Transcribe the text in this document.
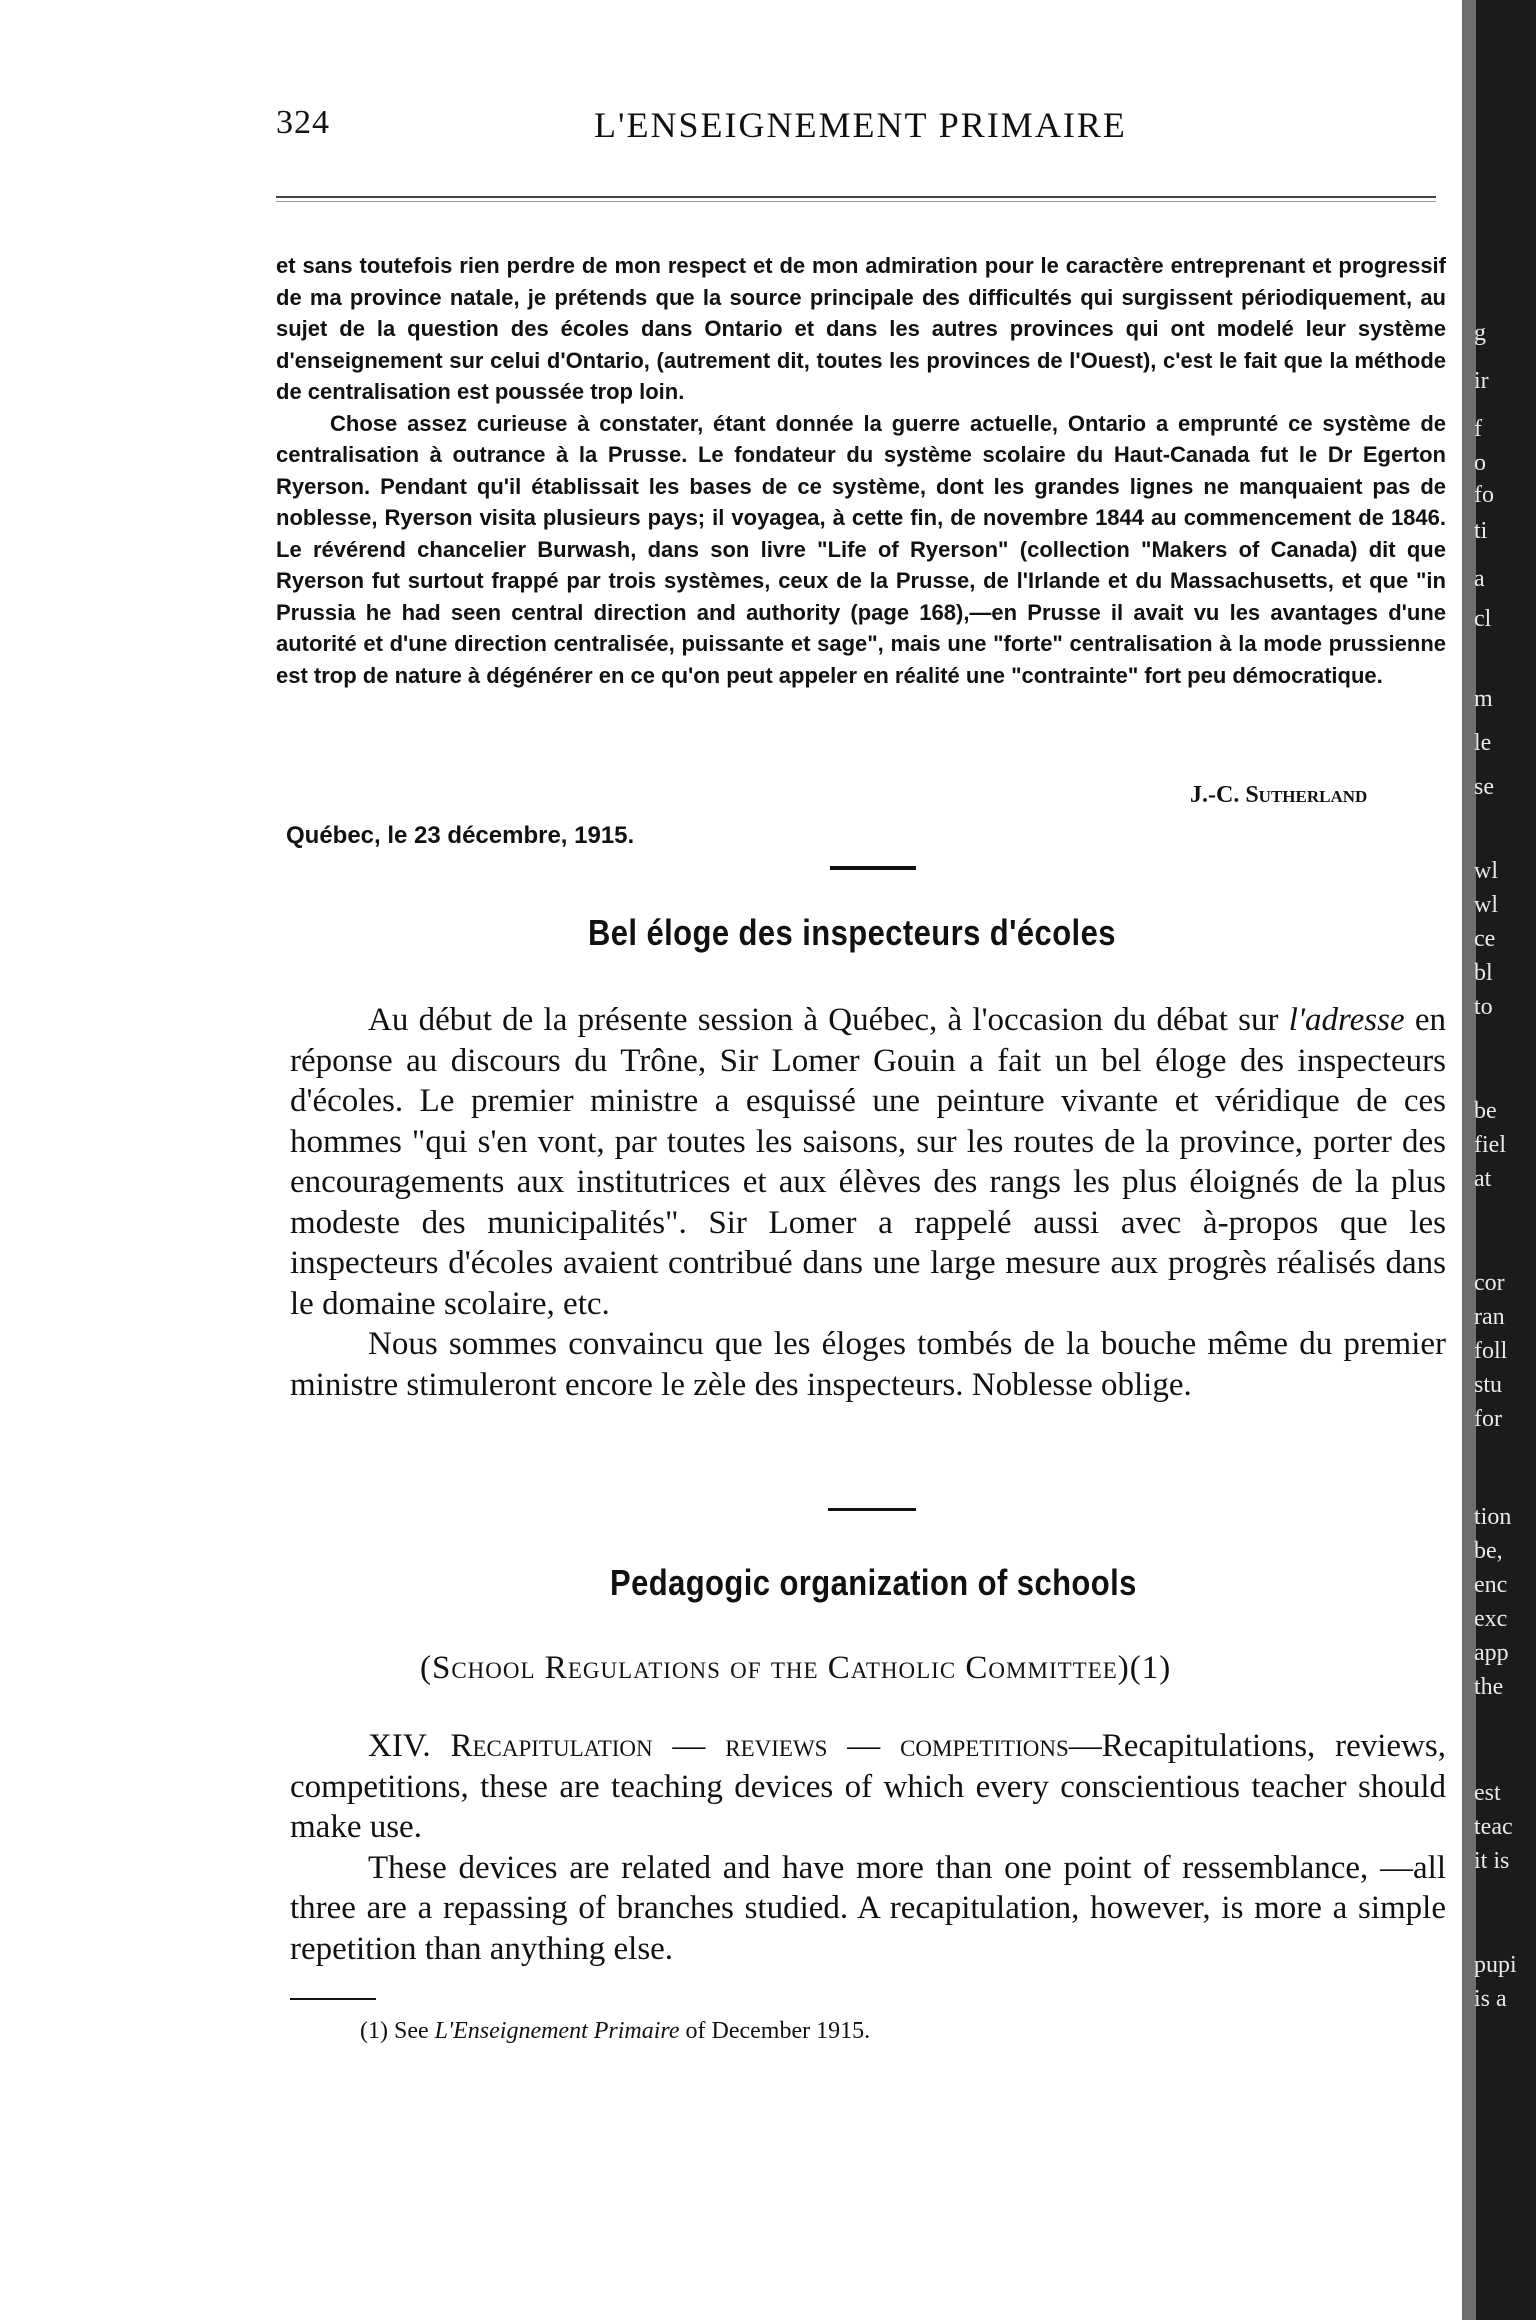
324	L'ENSEIGNEMENT PRIMAIRE

et sans toutefois rien perdre de mon respect et de mon admiration pour le caractère entreprenant et progressif de ma province natale, je prétends que la source principale des difficultés qui surgissent périodiquement, au sujet de la question des écoles dans Ontario et dans les autres provinces qui ont modelé leur système d'enseignement sur celui d'Ontario, (autrement dit, toutes les provinces de l'Ouest), c'est le fait que la méthode de centralisation est poussée trop loin.

Chose assez curieuse à constater, étant donnée la guerre actuelle, Ontario a emprunté ce système de centralisation à outrance à la Prusse. Le fondateur du système scolaire du Haut-Canada fut le Dr Egerton Ryerson. Pendant qu'il établissait les bases de ce système, dont les grandes lignes ne manquaient pas de noblesse, Ryerson visita plusieurs pays; il voyagea, à cette fin, de novembre 1844 au commencement de 1846. Le révérend chancelier Burwash, dans son livre "Life of Ryerson" (collection "Makers of Canada) dit que Ryerson fut surtout frappé par trois systèmes, ceux de la Prusse, de l'Irlande et du Massachusetts, et que "in Prussia he had seen central direction and authority (page 168),—en Prusse il avait vu les avantages d'une autorité et d'une direction centralisée, puissante et sage", mais une "forte" centralisation à la mode prussienne est trop de nature à dégénérer en ce qu'on peut appeler en réalité une "contrainte" fort peu démocratique.

J.-C. Sutherland
Québec, le 23 décembre, 1915.
Bel éloge des inspecteurs d'écoles

Au début de la présente session à Québec, à l'occasion du débat sur l'adresse en réponse au discours du Trône, Sir Lomer Gouin a fait un bel éloge des inspecteurs d'écoles. Le premier ministre a esquissé une peinture vivante et véridique de ces hommes "qui s'en vont, par toutes les saisons, sur les routes de la province, porter des encouragements aux institutrices et aux élèves des rangs les plus éloignés de la plus modeste des municipalités". Sir Lomer a rappelé aussi avec à-propos que les inspecteurs d'écoles avaient contribué dans une large mesure aux progrès réalisés dans le domaine scolaire, etc.

Nous sommes convaincu que les éloges tombés de la bouche même du premier ministre stimuleront encore le zèle des inspecteurs. Noblesse oblige.

Pedagogic organization of schools
(School Regulations of the Catholic Committee)(1)

XIV. Recapitulation — reviews — competitions—Recapitulations, reviews, competitions, these are teaching devices of which every conscientious teacher should make use.

These devices are related and have more than one point of ressemblance, —all three are a repassing of branches studied. A recapitulation, however, is more a simple repetition than anything else.

(1) See L'Enseignement Primaire of December 1915.
g
ir
f
o
fo
ti
a
cl
m
le
se
wl
wl
ce
bl
to
be
fiel
at
cor
ran
foll
stu
for
tion
be,
enc
exc
app
the
est
teac
it is
pupi
is a
